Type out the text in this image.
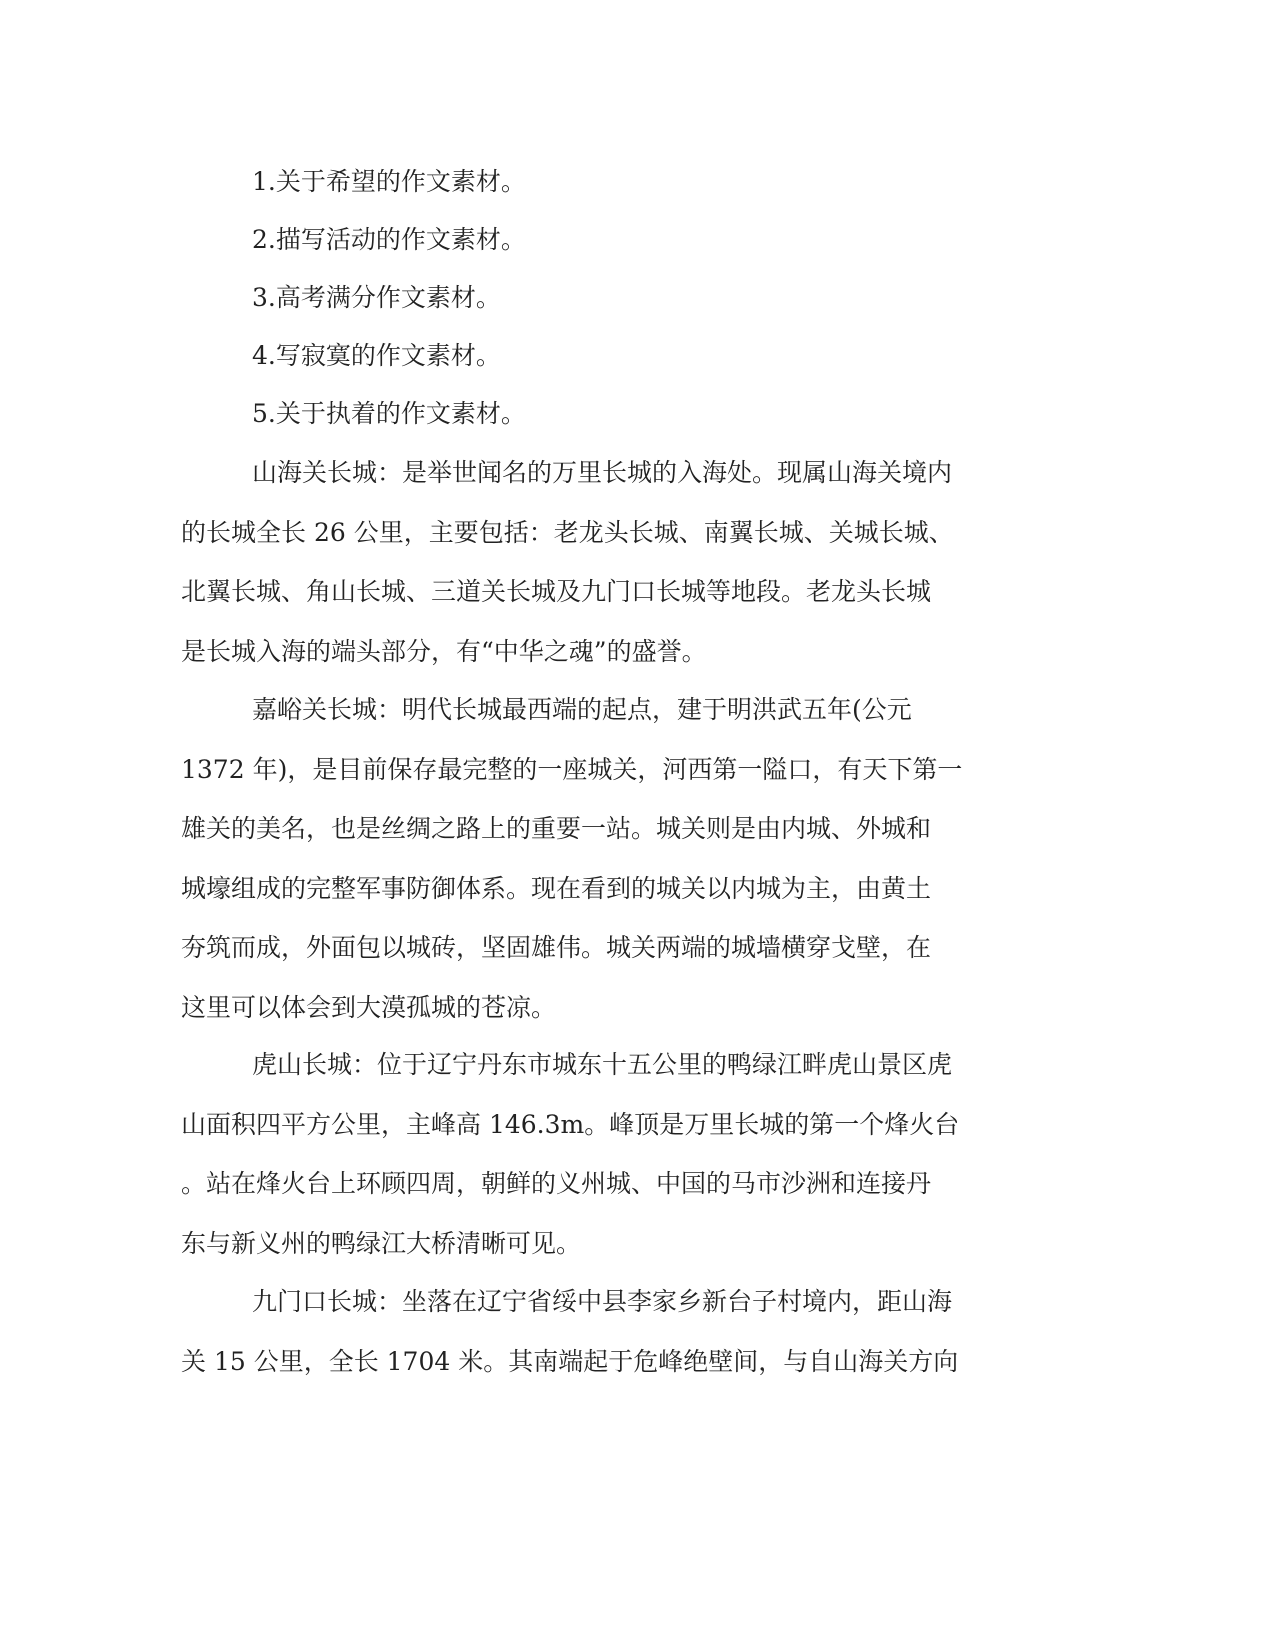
1.关于希望的作文素材。
2.描写活动的作文素材。
3.高考满分作文素材。
4.写寂寞的作文素材。
5.关于执着的作文素材。
山海关长城：是举世闻名的万里长城的入海处。现属山海关境内
的长城全长 26 公里，主要包括：老龙头长城、南翼长城、关城长城、
北翼长城、角山长城、三道关长城及九门口长城等地段。老龙头长城
是长城入海的端头部分，有“中华之魂”的盛誉。
嘉峪关长城：明代长城最西端的起点，建于明洪武五年(公元
1372 年)，是目前保存最完整的一座城关，河西第一隘口，有天下第一
雄关的美名，也是丝绸之路上的重要一站。城关则是由内城、外城和
城壕组成的完整军事防御体系。现在看到的城关以内城为主，由黄土
夯筑而成，外面包以城砖，坚固雄伟。城关两端的城墙横穿戈壁，在
这里可以体会到大漠孤城的苍凉。
虎山长城：位于辽宁丹东市城东十五公里的鸭绿江畔虎山景区虎
山面积四平方公里，主峰高 146.3m。峰顶是万里长城的第一个烽火台
。站在烽火台上环顾四周，朝鲜的义州城、中国的马市沙洲和连接丹
东与新义州的鸭绿江大桥清晰可见。
九门口长城：坐落在辽宁省绥中县李家乡新台子村境内，距山海
关 15 公里，全长 1704 米。其南端起于危峰绝壁间，与自山海关方向
